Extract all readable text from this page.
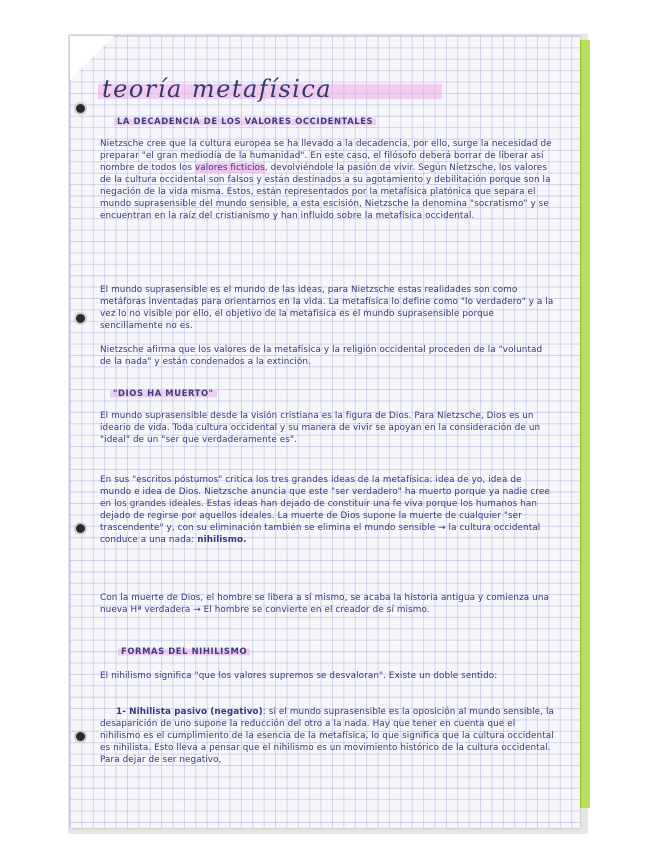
teoría metafísica
LA DECADENCIA DE LOS VALORES OCCIDENTALES

Nietzsche cree que la cultura europea se ha llevado a la decadencia, por ello, surge la necesidad de preparar "el gran mediodía de la humanidad". En este caso, el filósofo deberá borrar de liberar así nombre de todos los valores ficticios, devolviéndole la pasión de vivir. Según Nietzsche, los valores de la cultura occidental son falsos y están destinados a su agotamiento y debilitación porque son la negación de la vida misma. Estos, están representados por la metafísica platónica que separa el mundo suprasensible del mundo sensible, a esta escisión, Nietzsche la denomina "socratismo" y se encuentran en la raíz del cristianismo y han influido sobre la metafísica occidental.

El mundo suprasensible es el mundo de las ideas, para Nietzsche estas realidades son como metáforas inventadas para orientarnos en la vida. La metafísica lo define como "lo verdadero" y a la vez lo no visible por ello, el objetivo de la metafísica es el mundo suprasensible porque sencillamente no es.

Nietzsche afirma que los valores de la metafísica y la religión occidental proceden de la "voluntad de la nada" y están condenados a la extinción.

"DIOS HA MUERTO"

El mundo suprasensible desde la visión cristiana es la figura de Dios. Para Nietzsche, Dios es un ideario de vida. Toda cultura occidental y su manera de vivir se apoyan en la consideración de un "ideal" de un "ser que verdaderamente es".

En sus "escritos póstumos" critica los tres grandes ideas de la metafísica: idea de yo, idea de mundo e idea de Dios. Nietzsche anuncia que este "ser verdadero" ha muerto porque ya nadie cree en los grandes ideales. Estas ideas han dejado de constituir una fe viva porque los humanos han dejado de regirse por aquellos ideales. La muerte de Dios supone la muerte de cualquier "ser trascendente" y, con su eliminación también se elimina el mundo sensible → la cultura occidental conduce a una nada: nihilismo.

Con la muerte de Dios, el hombre se libera a sí mismo, se acaba la historia antigua y comienza una nueva Hª verdadera → El hombre se convierte en el creador de sí mismo.

FORMAS DEL NIHILISMO

El nihilismo significa "que los valores supremos se desvaloran". Existe un doble sentido:

1- Nihilista pasivo (negativo): si el mundo suprasensible es la oposición al mundo sensible, la desaparición de uno supone la reducción del otro a la nada. Hay que tener en cuenta que el nihilismo es el cumplimiento de la esencia de la metafísica, lo que significa que la cultura occidental es nihilista. Esto lleva a pensar que el nihilismo es un movimiento histórico de la cultura occidental. Para dejar de ser negativo,
